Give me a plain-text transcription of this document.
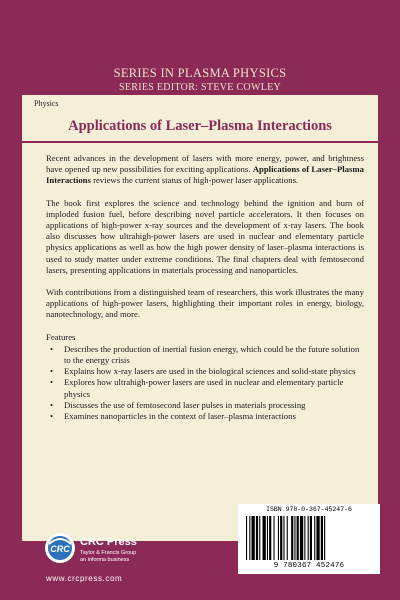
SERIES IN PLASMA PHYSICS
SERIES EDITOR: STEVE COWLEY
Physics
Applications of Laser–Plasma Interactions

Recent advances in the development of lasers with more energy, power, and brightness have opened up new possibilities for exciting applications. Applications of Laser–Plasma Interactions reviews the current status of high-power laser applications.

The book first explores the science and technology behind the ignition and burn of imploded fusion fuel, before describing novel particle accelerators. It then focuses on applications of high-power x-ray sources and the development of x-ray lasers. The book also discusses how ultrahigh-power lasers are used in nuclear and elementary particle physics applications as well as how the high power density of laser–plasma interactions is used to study matter under extreme conditions. The final chapters deal with femtosecond lasers, presenting applications in materials processing and nanoparticles.

With contributions from a distinguished team of researchers, this work illustrates the many applications of high-power lasers, highlighting their important roles in energy, biology, nanotechnology, and more.

Features
• Describes the production of inertial fusion energy, which could be the future solution to the energy crisis
• Explains how x-ray lasers are used in the biological sciences and solid-state physics
• Explores how ultrahigh-power lasers are used in nuclear and elementary particle physics
• Discusses the use of femtosecond laser pulses in materials processing
• Examines nanoparticles in the context of laser–plasma interactions
CRC
CRC Press
Taylor & Francis Group
an informa business
www.crcpress.com
ISBN 978-0-367-45247-6
9 780367 452476
